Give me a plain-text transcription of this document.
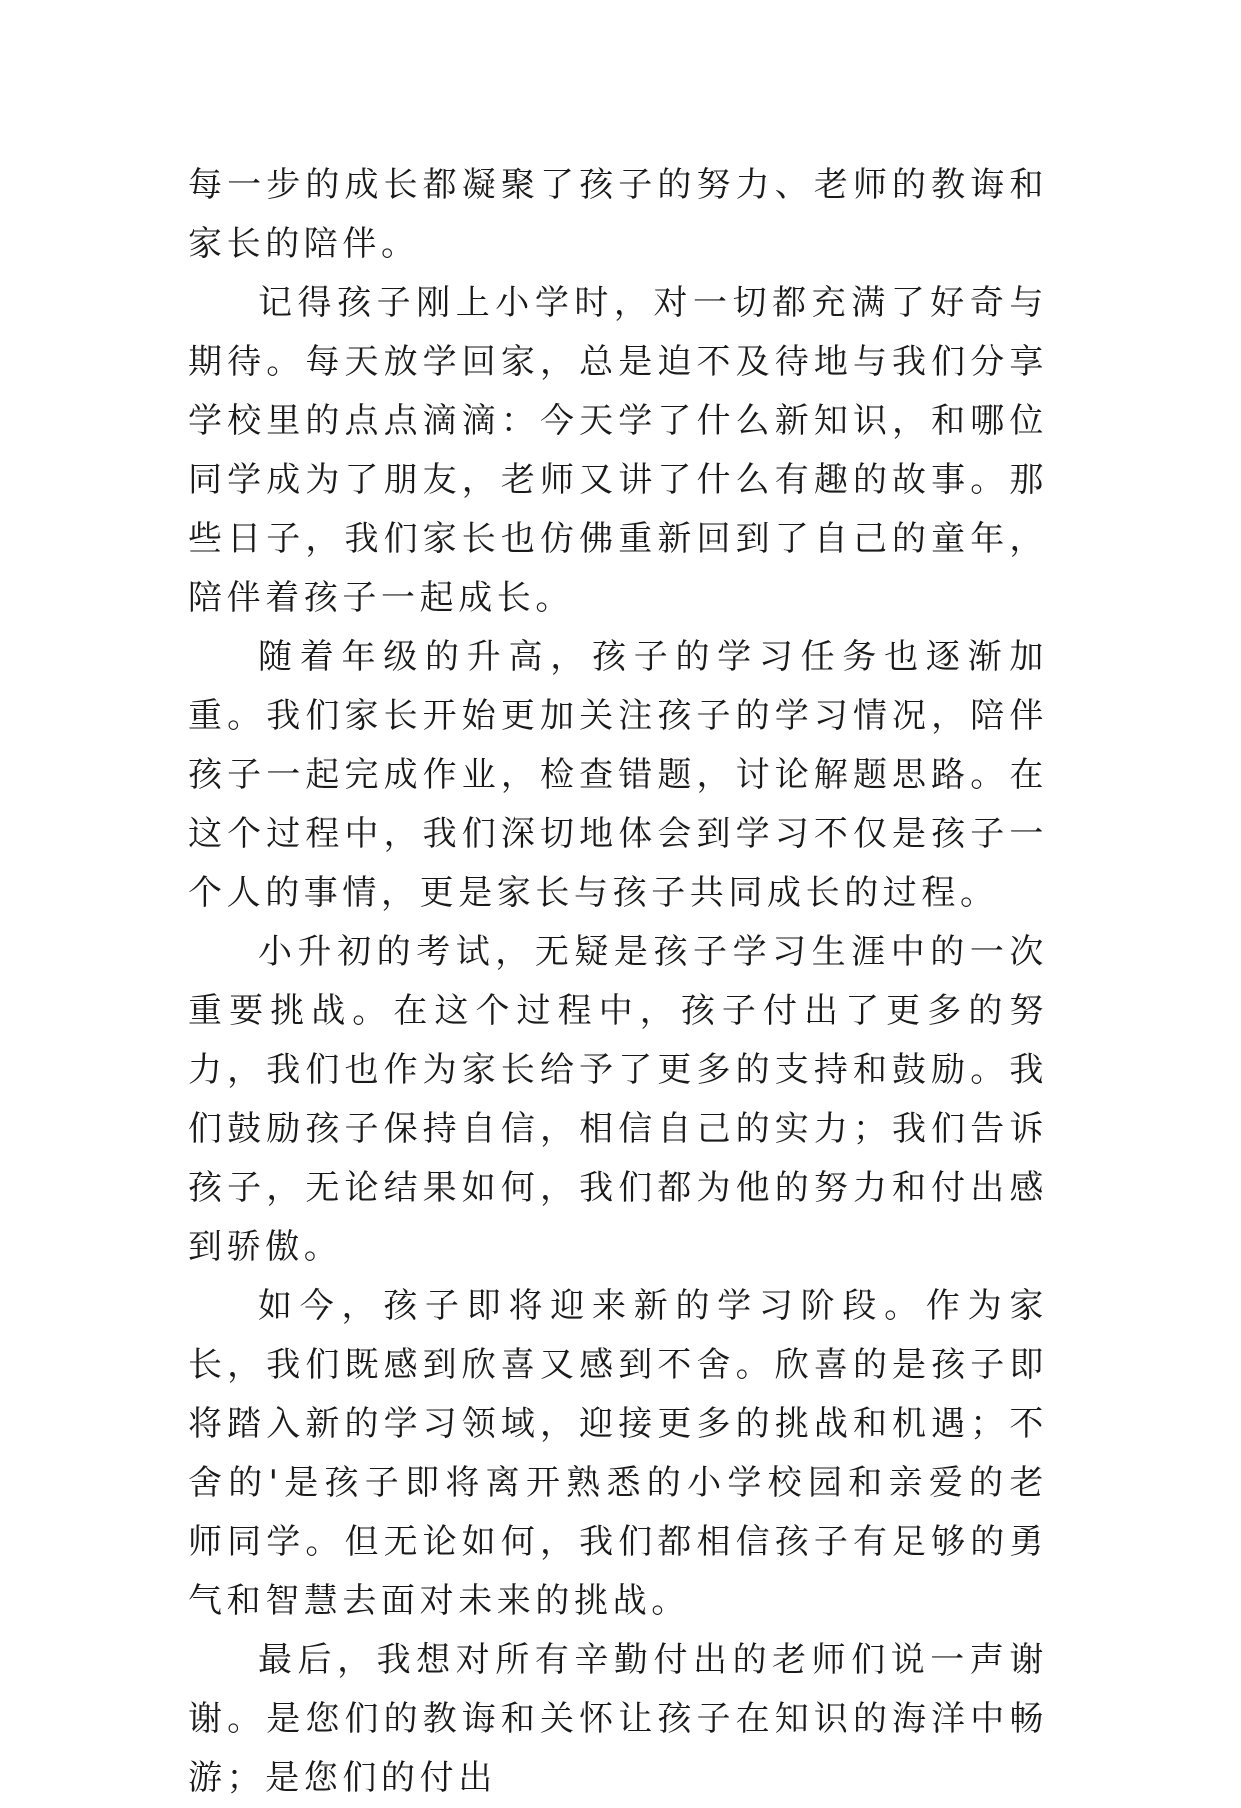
每一步的成长都凝聚了孩子的努力、老师的教诲和家长的陪伴。

记得孩子刚上小学时，对一切都充满了好奇与期待。每天放学回家，总是迫不及待地与我们分享学校里的点点滴滴：今天学了什么新知识，和哪位同学成为了朋友，老师又讲了什么有趣的故事。那些日子，我们家长也仿佛重新回到了自己的童年，陪伴着孩子一起成长。

随着年级的升高，孩子的学习任务也逐渐加重。我们家长开始更加关注孩子的学习情况，陪伴孩子一起完成作业，检查错题，讨论解题思路。在这个过程中，我们深切地体会到学习不仅是孩子一个人的事情，更是家长与孩子共同成长的过程。

小升初的考试，无疑是孩子学习生涯中的一次重要挑战。在这个过程中，孩子付出了更多的努力，我们也作为家长给予了更多的支持和鼓励。我们鼓励孩子保持自信，相信自己的实力；我们告诉孩子，无论结果如何，我们都为他的努力和付出感到骄傲。

如今，孩子即将迎来新的学习阶段。作为家长，我们既感到欣喜又感到不舍。欣喜的是孩子即将踏入新的学习领域，迎接更多的挑战和机遇；不舍的'是孩子即将离开熟悉的小学校园和亲爱的老师同学。但无论如何，我们都相信孩子有足够的勇气和智慧去面对未来的挑战。

最后，我想对所有辛勤付出的老师们说一声谢谢。是您们的教诲和关怀让孩子在知识的海洋中畅游；是您们的付出
